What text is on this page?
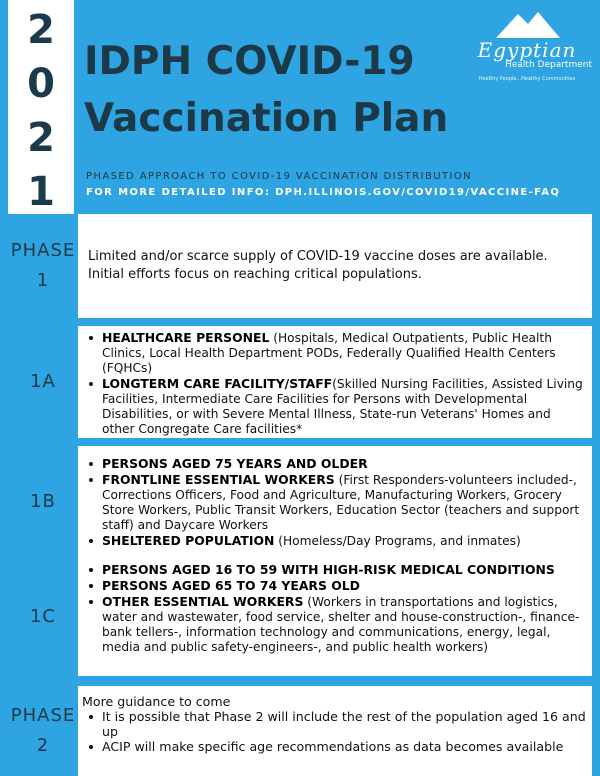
2
0
2
1
IDPH COVID-19
Vaccination Plan
Egyptian
Health Department
Healthy People...Healthy Communities
PHASED APPROACH TO COVID-19 VACCINATION DISTRIBUTION
FOR MORE DETAILED INFO: DPH.ILLINOIS.GOV/COVID19/VACCINE-FAQ
PHASE
1
Limited and/or scarce supply of COVID-19 vaccine doses are available. Initial efforts focus on reaching critical populations.
1A
HEALTHCARE PERSONEL (Hospitals, Medical Outpatients, Public Health Clinics, Local Health Department PODs, Federally Qualified Health Centers (FQHCs)
LONGTERM CARE FACILITY/STAFF(Skilled Nursing Facilities, Assisted Living Facilities, Intermediate Care Facilities for Persons with Developmental Disabilities, or with Severe Mental Illness, State-run Veterans' Homes and other Congregate Care facilities*
1B
PERSONS AGED 75 YEARS AND OLDER
FRONTLINE ESSENTIAL WORKERS (First Responders-volunteers included-, Corrections Officers, Food and Agriculture, Manufacturing Workers, Grocery Store Workers, Public Transit Workers, Education Sector (teachers and support staff) and Daycare Workers
SHELTERED POPULATION (Homeless/Day Programs, and inmates)
1C
PERSONS AGED 16 TO 59 WITH HIGH-RISK MEDICAL CONDITIONS
PERSONS AGED 65 TO 74 YEARS OLD
OTHER ESSENTIAL WORKERS (Workers in transportations and logistics, water and wastewater, food service, shelter and house-construction-, finance-bank tellers-, information technology and communications, energy, legal, media and public safety-engineers-, and public health workers)
PHASE
2
More guidance to come
It is possible that Phase 2 will include the rest of the population aged 16 and up
ACIP will make specific age recommendations as data becomes available
